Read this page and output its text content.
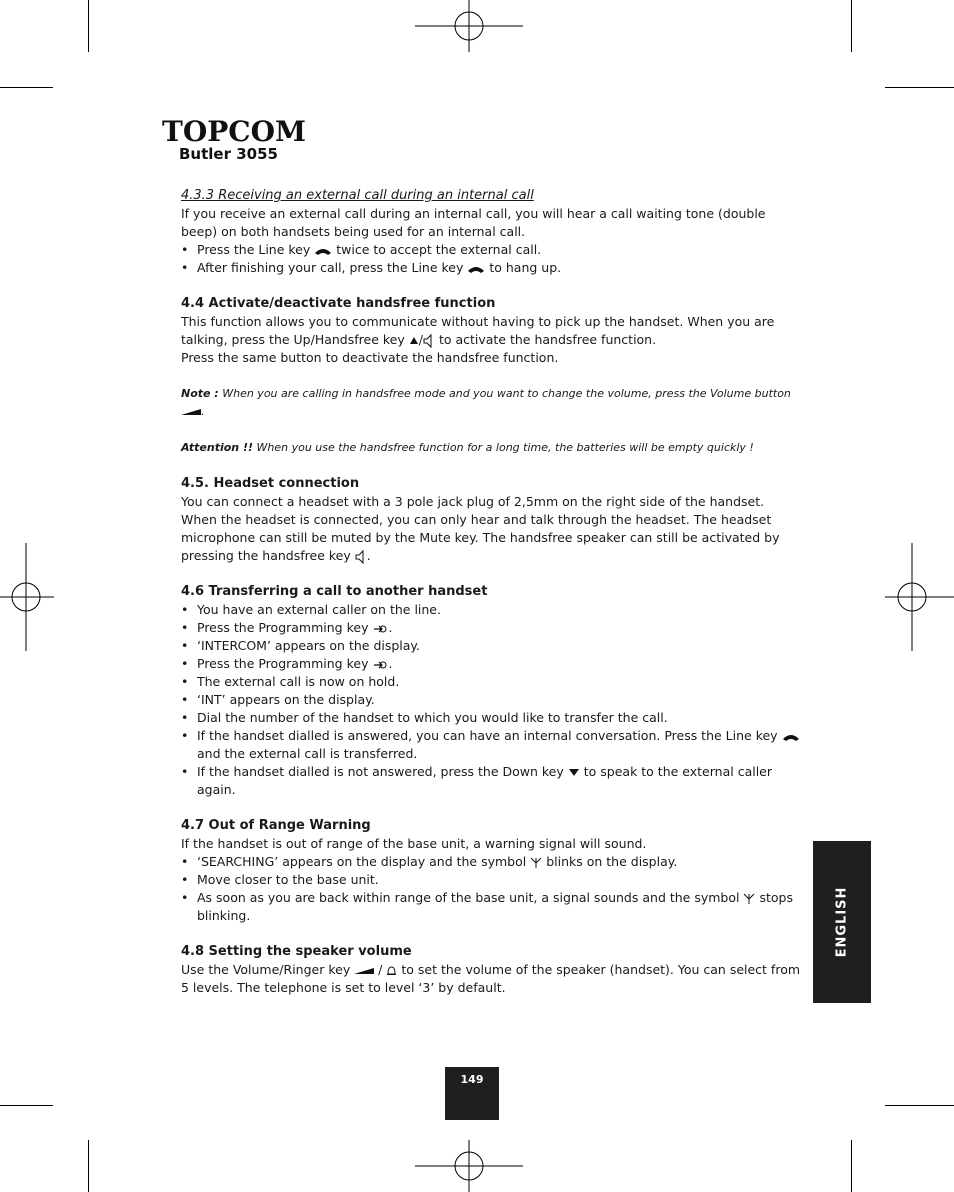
TOPCOM
Butler 3055

4.3.3 Receiving an external call during an internal call

If you receive an external call during an internal call, you will hear a call waiting tone (double beep) on both handsets being used for an internal call.

• Press the Line key twice to accept the external call.

• After finishing your call, press the Line key to hang up.

4.4 Activate/deactivate handsfree function

This function allows you to communicate without having to pick up the handset. When you are talking, press the Up/Handsfree key / to activate the handsfree function.

Press the same button to deactivate the handsfree function.

Note : When you are calling in handsfree mode and you want to change the volume, press the Volume button .

Attention !! When you use the handsfree function for a long time, the batteries will be empty quickly !

4.5. Headset connection

You can connect a headset with a 3 pole jack plug of 2,5mm on the right side of the handset. When the headset is connected, you can only hear and talk through the headset. The headset microphone can still be muted by the Mute key. The handsfree speaker can still be activated by pressing the handsfree key .

4.6 Transferring a call to another handset

• You have an external caller on the line.

• Press the Programming key .

• ‘INTERCOM’ appears on the display.

• Press the Programming key .

• The external call is now on hold.

• ‘INT’ appears on the display.

• Dial the number of the handset to which you would like to transfer the call.

• If the handset dialled is answered, you can have an internal conversation. Press the Line key  and the external call is transferred.

• If the handset dialled is not answered, press the Down key to speak to the external caller again.

4.7 Out of Range Warning

If the handset is out of range of the base unit, a warning signal will sound.

• ‘SEARCHING’ appears on the display and the symbol blinks on the display.

• Move closer to the base unit.

• As soon as you are back within range of the base unit, a signal sounds and the symbol stops blinking.

4.8 Setting the speaker volume

Use the Volume/Ringer key  /  to set the volume of the speaker (handset). You can select from 5 levels. The telephone is set to level ‘3’ by default.

ENGLISH
149
